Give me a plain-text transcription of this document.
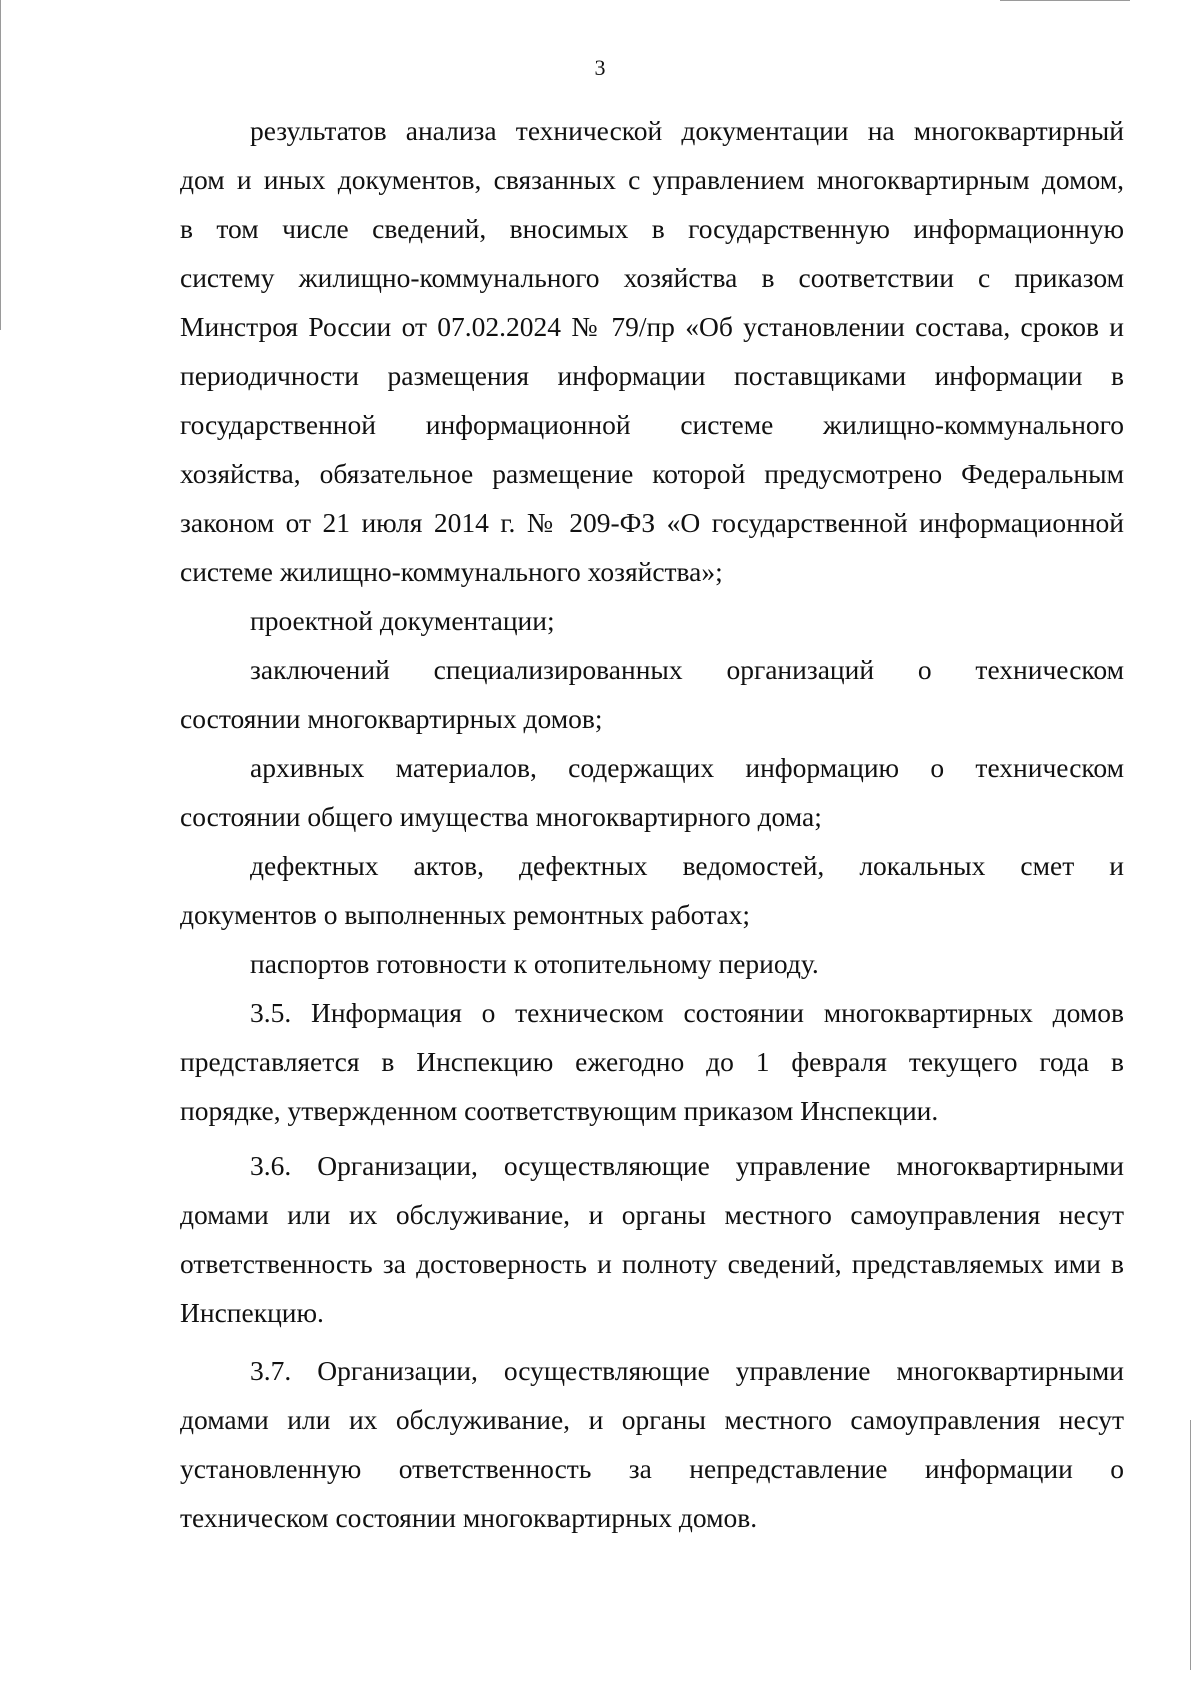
3
результатов анализа технической документации на многоквартирный
дом и иных документов, связанных с управлением многоквартирным домом,
в том числе сведений, вносимых в государственную информационную
систему жилищно-коммунального хозяйства в соответствии с приказом
Минстроя России от 07.02.2024 № 79/пр «Об установлении состава, сроков и
периодичности размещения информации поставщиками информации в
государственной информационной системе жилищно-коммунального
хозяйства, обязательное размещение которой предусмотрено Федеральным
законом от 21 июля 2014 г. № 209-ФЗ «О государственной информационной
системе жилищно-коммунального хозяйства»;
проектной документации;
заключений специализированных организаций о техническом
состоянии многоквартирных домов;
архивных материалов, содержащих информацию о техническом
состоянии общего имущества многоквартирного дома;
дефектных актов, дефектных ведомостей, локальных смет и
документов о выполненных ремонтных работах;
паспортов готовности к отопительному периоду.
3.5. Информация о техническом состоянии многоквартирных домов
представляется в Инспекцию ежегодно до 1 февраля текущего года в
порядке, утвержденном соответствующим приказом Инспекции.
3.6. Организации, осуществляющие управление многоквартирными
домами или их обслуживание, и органы местного самоуправления несут
ответственность за достоверность и полноту сведений, представляемых ими в
Инспекцию.
3.7. Организации, осуществляющие управление многоквартирными
домами или их обслуживание, и органы местного самоуправления несут
установленную ответственность за непредставление информации о
техническом состоянии многоквартирных домов.
